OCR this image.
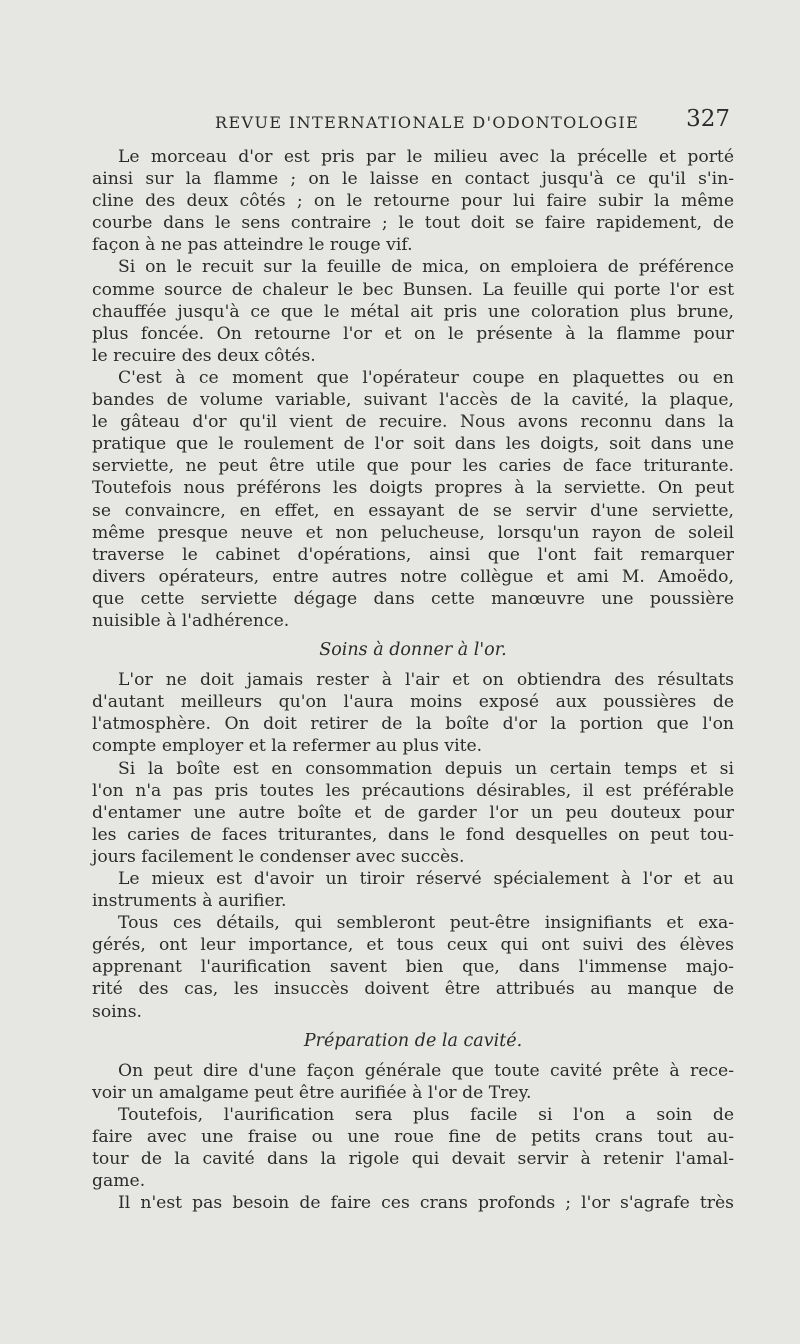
REVUE INTERNATIONALE D'ODONTOLOGIE 327
Le morceau d'or est pris par le milieu avec la précelle et porté
ainsi sur la flamme ; on le laisse en contact jusqu'à ce qu'il s'in-
cline des deux côtés ; on le retourne pour lui faire subir la même
courbe dans le sens contraire ; le tout doit se faire rapidement, de
façon à ne pas atteindre le rouge vif.
Si on le recuit sur la feuille de mica, on emploiera de préférence
comme source de chaleur le bec Bunsen. La feuille qui porte l'or est
chauffée jusqu'à ce que le métal ait pris une coloration plus brune,
plus foncée. On retourne l'or et on le présente à la flamme pour
le recuire des deux côtés.
C'est à ce moment que l'opérateur coupe en plaquettes ou en
bandes de volume variable, suivant l'accès de la cavité, la plaque,
le gâteau d'or qu'il vient de recuire. Nous avons reconnu dans la
pratique que le roulement de l'or soit dans les doigts, soit dans une
serviette, ne peut être utile que pour les caries de face triturante.
Toutefois nous préférons les doigts propres à la serviette. On peut
se convaincre, en effet, en essayant de se servir d'une serviette,
même presque neuve et non pelucheuse, lorsqu'un rayon de soleil
traverse le cabinet d'opérations, ainsi que l'ont fait remarquer
divers opérateurs, entre autres notre collègue et ami M. Amoëdo,
que cette serviette dégage dans cette manœuvre une poussière
nuisible à l'adhérence.
Soins à donner à l'or.
L'or ne doit jamais rester à l'air et on obtiendra des résultats
d'autant meilleurs qu'on l'aura moins exposé aux poussières de
l'atmosphère. On doit retirer de la boîte d'or la portion que l'on
compte employer et la refermer au plus vite.
Si la boîte est en consommation depuis un certain temps et si
l'on n'a pas pris toutes les précautions désirables, il est préférable
d'entamer une autre boîte et de garder l'or un peu douteux pour
les caries de faces triturantes, dans le fond desquelles on peut tou-
jours facilement le condenser avec succès.
Le mieux est d'avoir un tiroir réservé spécialement à l'or et au
instruments à aurifier.
Tous ces détails, qui sembleront peut-être insignifiants et exa-
gérés, ont leur importance, et tous ceux qui ont suivi des élèves
apprenant l'aurification savent bien que, dans l'immense majo-
rité des cas, les insuccès doivent être attribués au manque de
soins.
Préparation de la cavité.
On peut dire d'une façon générale que toute cavité prête à rece-
voir un amalgame peut être aurifiée à l'or de Trey.
Toutefois, l'aurification sera plus facile si l'on a soin de
faire avec une fraise ou une roue fine de petits crans tout au-
tour de la cavité dans la rigole qui devait servir à retenir l'amal-
game.
Il n'est pas besoin de faire ces crans profonds ; l'or s'agrafe très
